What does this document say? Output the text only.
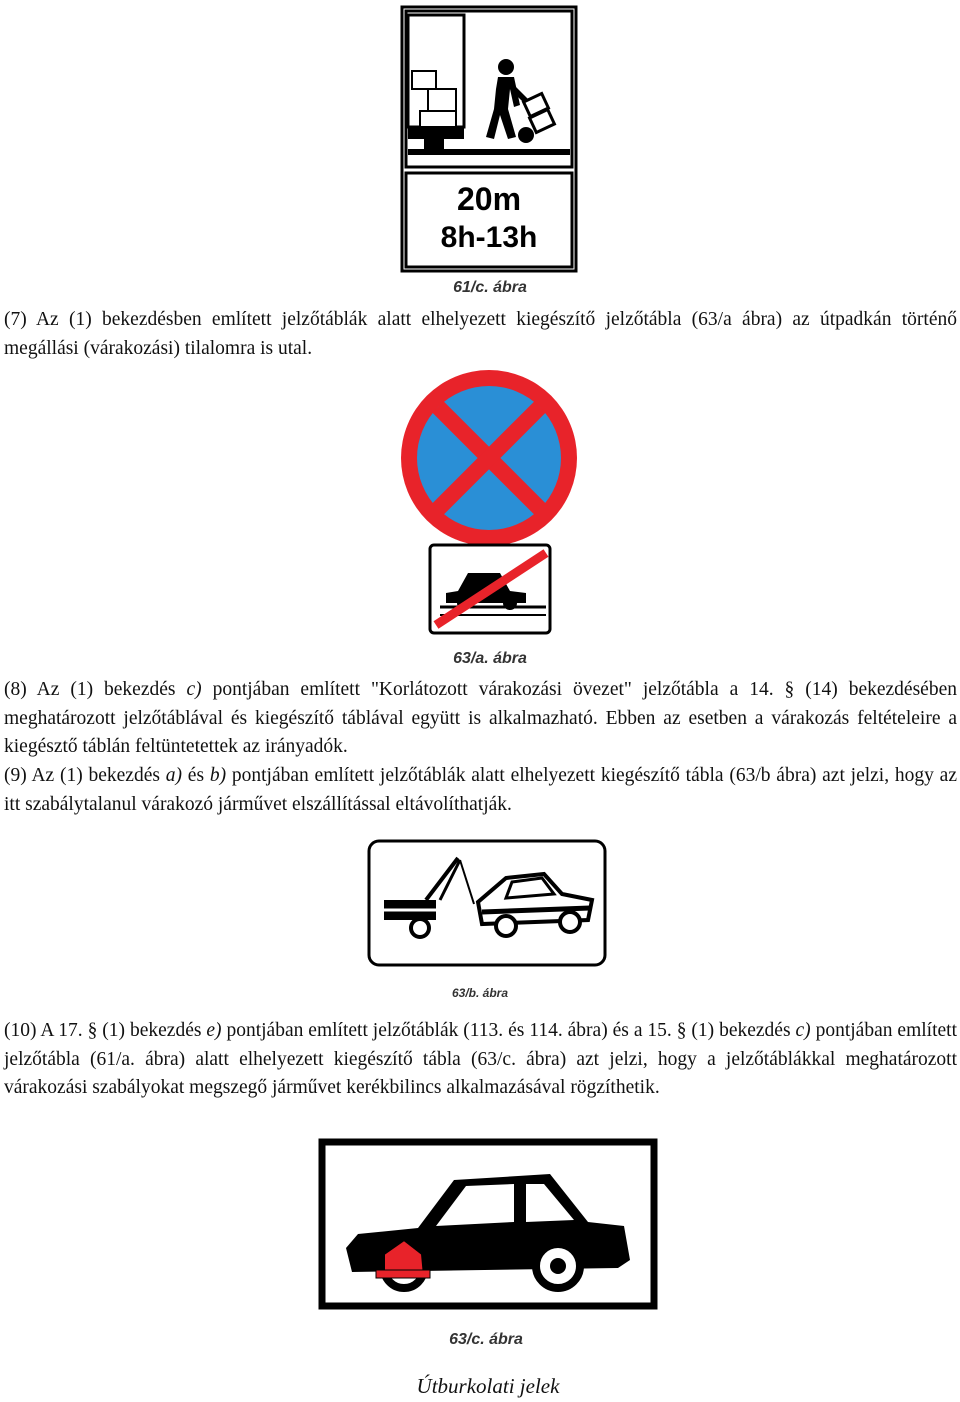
20m
8h-13h
61/c. ábra

(7) Az (1) bekezdésben említett jelzőtáblák alatt elhelyezett kiegészítő jelzőtábla (63/a ábra) az útpadkán történő megállási (várakozási) tilalomra is utal.

63/a. ábra

(8) Az (1) bekezdés c) pontjában említett "Korlátozott várakozási övezet" jelzőtábla a 14. § (14) bekezdésében meghatározott jelzőtáblával és kiegészítő táblával együtt is alkalmazható. Ebben az esetben a várakozás feltételeire a kiegésztő táblán feltüntetettek az irányadók.

(9) Az (1) bekezdés a) és b) pontjában említett jelzőtáblák alatt elhelyezett kiegészítő tábla (63/b ábra) azt jelzi, hogy az itt szabálytalanul várakozó járművet elszállítással eltávolíthatják.

63/b. ábra

(10) A 17. § (1) bekezdés e) pontjában említett jelzőtáblák (113. és 114. ábra) és a 15. § (1) bekezdés c) pontjában említett jelzőtábla (61/a. ábra) alatt elhelyezett kiegészítő tábla (63/c. ábra) azt jelzi, hogy a jelzőtáblákkal meghatározott várakozási szabályokat megszegő járművet kerékbilincs alkalmazásával rögzíthetik.

63/c. ábra
Útburkolati jelek
